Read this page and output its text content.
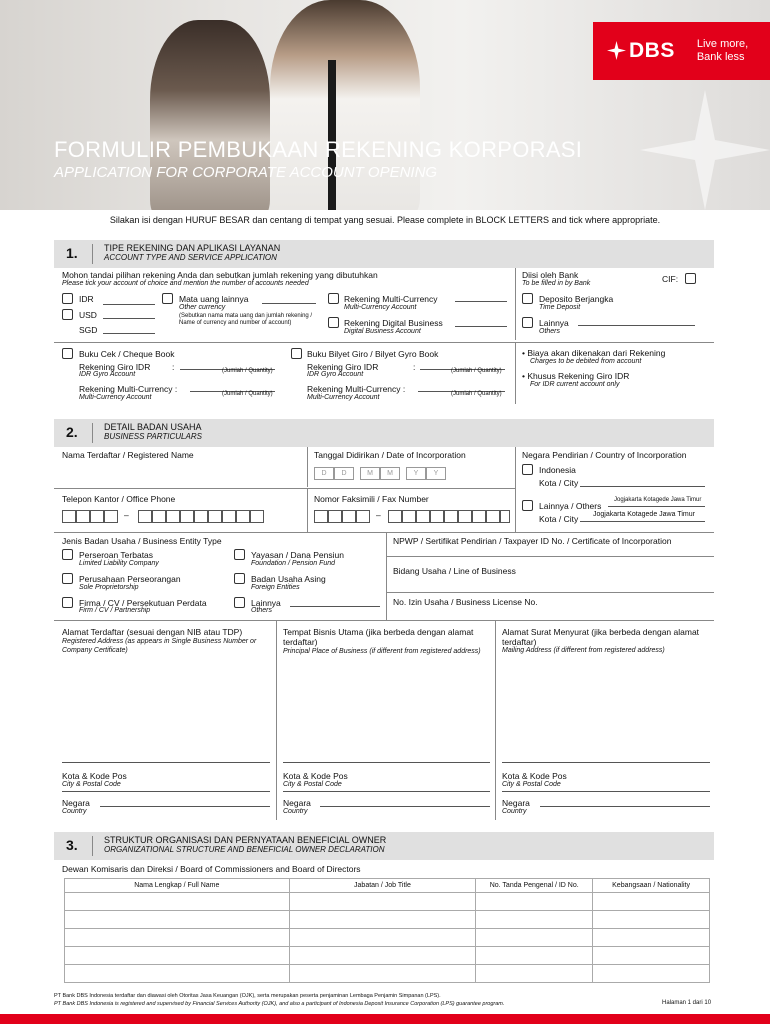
DBS Live more,
Bank less
FORMULIR PEMBUKAAN REKENING KORPORASI
APPLICATION FOR CORPORATE ACCOUNT OPENING
Silakan isi dengan HURUF BESAR dan centang di tempat yang sesuai. Please complete in BLOCK LETTERS and tick where appropriate.
1.	TIPE REKENING DAN APLIKASI LAYANAN
ACCOUNT TYPE AND SERVICE APPLICATION
Mohon tandai pilihan rekening Anda dan sebutkan jumlah rekening yang dibutuhkan
Please tick your account of choice and mention the number of accounts needed
IDR
USD
SGD
Mata uang lainnya
Other currency
(Sebutkan nama mata uang dan jumlah rekening / Name of currency and number of account)
Rekening Multi-Currency
Multi-Currency Account
Rekening Digital Business
Digital Business Account
Diisi oleh Bank
To be filled in by Bank	CIF:
Deposito Berjangka
Time Deposit
Lainnya
Others
Buku Cek / Cheque Book
Rekening Giro IDR	:	(Jumlah / Quantity)
IDR Gyro Account
Rekening Multi-Currency :	(Jumlah / Quantity)
Multi-Currency Account
Buku Bilyet Giro / Bilyet Gyro Book
Rekening Giro IDR	:	(Jumlah / Quantity)
IDR Gyro Account
Rekening Multi-Currency :	(Jumlah / Quantity)
Multi-Currency Account
• Biaya akan dikenakan dari Rekening
Charges to be debited from account
• Khusus Rekening Giro IDR
For IDR current account only
2.	DETAIL BADAN USAHA
BUSINESS PARTICULARS
Nama Terdaftar / Registered Name	Tanggal Didirikan / Date of Incorporation
D	D	M	M	Y	Y
Negara Pendirian / Country of Incorporation
Indonesia
Kota / City
Telepon Kantor / Office Phone
–
Nomor Faksimili / Fax Number
–
Lainnya / Others
Jogjakarta Kotagede Jawa Timur
Kota / City Jogjakarta Kotagede Jawa Timur
Jenis Badan Usaha / Business Entity Type	NPWP / Sertifikat Pendirian / Taxpayer ID No. / Certificate of Incorporation
Perseroan Terbatas
Limited Liability Company
Yayasan / Dana Pensiun
Foundation / Pension Fund
Bidang Usaha / Line of Business
Perusahaan Perseorangan
Sole Proprietorship
Badan Usaha Asing
Foreign Entities
No. Izin Usaha / Business License No.
Firma / CV / Persekutuan Perdata
Firm / CV / Partnership
Lainnya
Others
Alamat Terdaftar (sesuai dengan NIB atau TDP)
Registered Address (as appears in Single Business Number or Company Certificate)
Tempat Bisnis Utama (jika berbeda dengan alamat terdaftar)
Principal Place of Business (if different from registered address)
Alamat Surat Menyurat (jika berbeda dengan alamat terdaftar)
Mailing Address (if different from registered address)
Kota & Kode Pos
City & Postal Code
Kota & Kode Pos
City & Postal Code
Kota & Kode Pos
City & Postal Code
Negara
Country
Negara
Country
Negara
Country
3.	STRUKTUR ORGANISASI DAN PERNYATAAN BENEFICIAL OWNER
ORGANIZATIONAL STRUCTURE AND BENEFICIAL OWNER DECLARATION
Dewan Komisaris dan Direksi / Board of Commissioners and Board of Directors
Nama Lengkap / Full Name	Jabatan / Job Title	No. Tanda Pengenal / ID No.	Kebangsaan / Nationality

PT Bank DBS Indonesia terdaftar dan diawasi oleh Otoritas Jasa Keuangan (OJK), serta merupakan peserta penjaminan Lembaga Penjamin Simpanan (LPS).
PT Bank DBS Indonesia is registered and supervised by Financial Services Authority (OJK), and also a participant of Indonesia Deposit Insurance Corporation (LPS) guarantee program.	Halaman 1 dari 10
